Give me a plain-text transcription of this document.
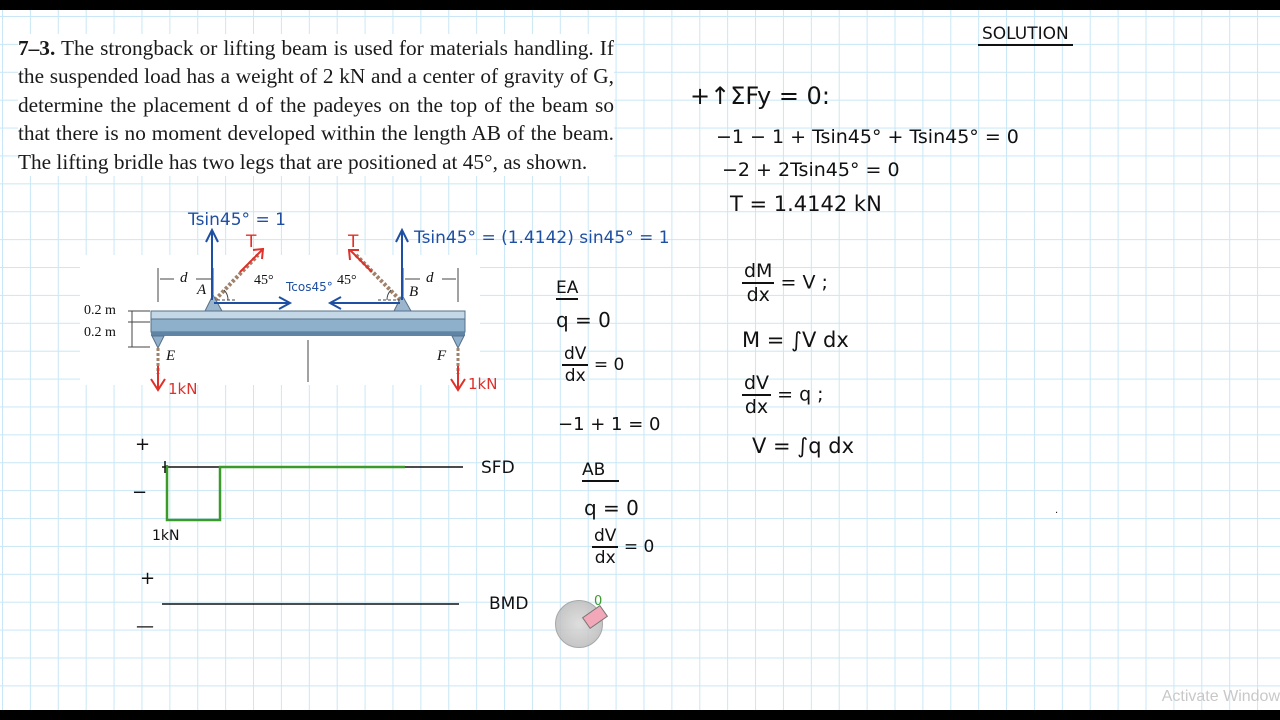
7–3. The strongback or lifting beam is used for materials handling. If the suspended load has a weight of 2 kN and a center of gravity of G, determine the placement d of the padeyes on the top of the beam so that there is no moment developed within the length AB of the beam. The lifting bridle has two legs that are positioned at 45°, as shown.
SOLUTION
+↑ΣFy = 0:
−1 − 1 + Tsin45° + Tsin45° = 0
−2 + 2Tsin45° = 0
T = 1.4142 kN
$\frac{dM}{dx} = V$ ;
M = ∫V dx
$\frac{dV}{dx} = q$ ;
V = ∫q dx
EA
q = 0
$\frac{dV}{dx} = 0$
−1 + 1 = 0
AB
q = 0
$\frac{dV}{dx} = 0$
d	d
A	B
E	F
45°	45°
0.2 m
0.2 m
Tsin45° = 1
Tsin45° = (1.4142) sin45° = 1
Tcos45°
T	T
1kN	1kN
+
−
1kN
SFD
+
—
BMD	0
·
Activate Window
